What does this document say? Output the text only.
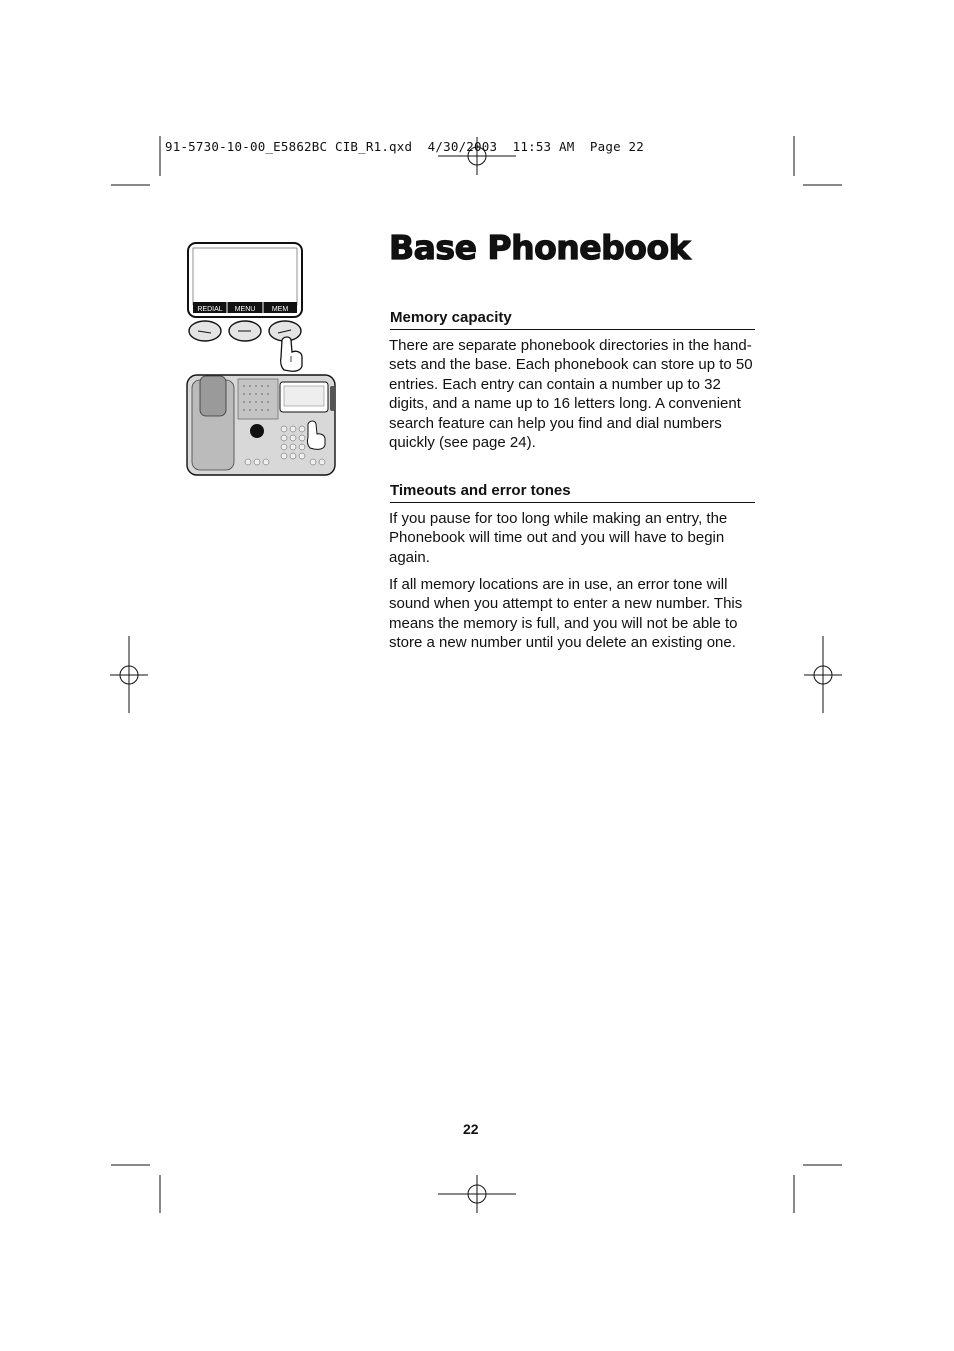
91-5730-10-00_E5862BC CIB_R1.qxd  4/30/2003  11:53 AM  Page 22
REDIAL MENU MEM
Base Phonebook
Memory capacity
There are separate phonebook directories in the hand-sets and the base. Each phonebook can store up to 50 entries. Each entry can contain a number up to 32 digits, and a name up to 16 letters long. A convenient search feature can help you find and dial numbers quickly (see page 24).
Timeouts and error tones
If you pause for too long while making an entry, the Phonebook will time out and you will have to begin again.
If all memory locations are in use, an error tone will sound when you attempt to enter a new number. This means the memory is full, and you will not be able to store a new number until you delete an existing one.
22
